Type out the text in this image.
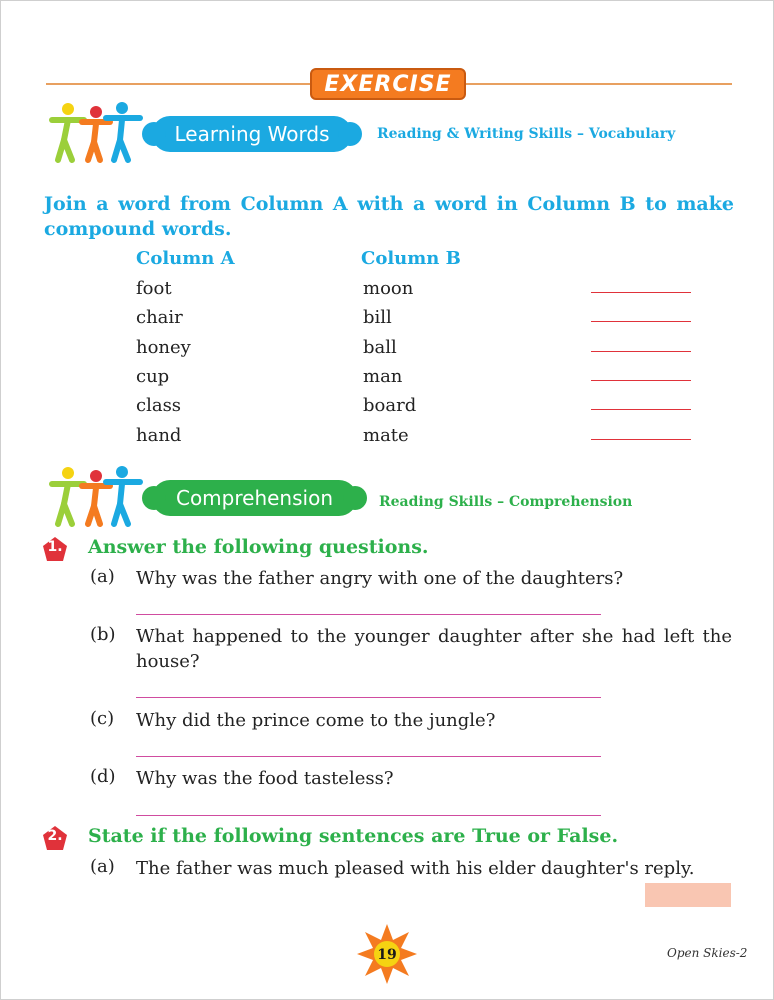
EXERCISE
Learning Words	Reading & Writing Skills – Vocabulary
Join a word from Column A with a word in Column B to make compound words.
Column A	Column B
foot	moon
chair	bill
honey	ball
cup	man
class	board
hand	mate
Comprehension	Reading Skills – Comprehension
1. Answer the following questions.
(a) Why was the father angry with one of the daughters?
(b) What happened to the younger daughter after she had left the house?
(c) Why did the prince come to the jungle?
(d) Why was the food tasteless?
2. State if the following sentences are True or False.
(a) The father was much pleased with his elder daughter's reply.
19	Open Skies-2
